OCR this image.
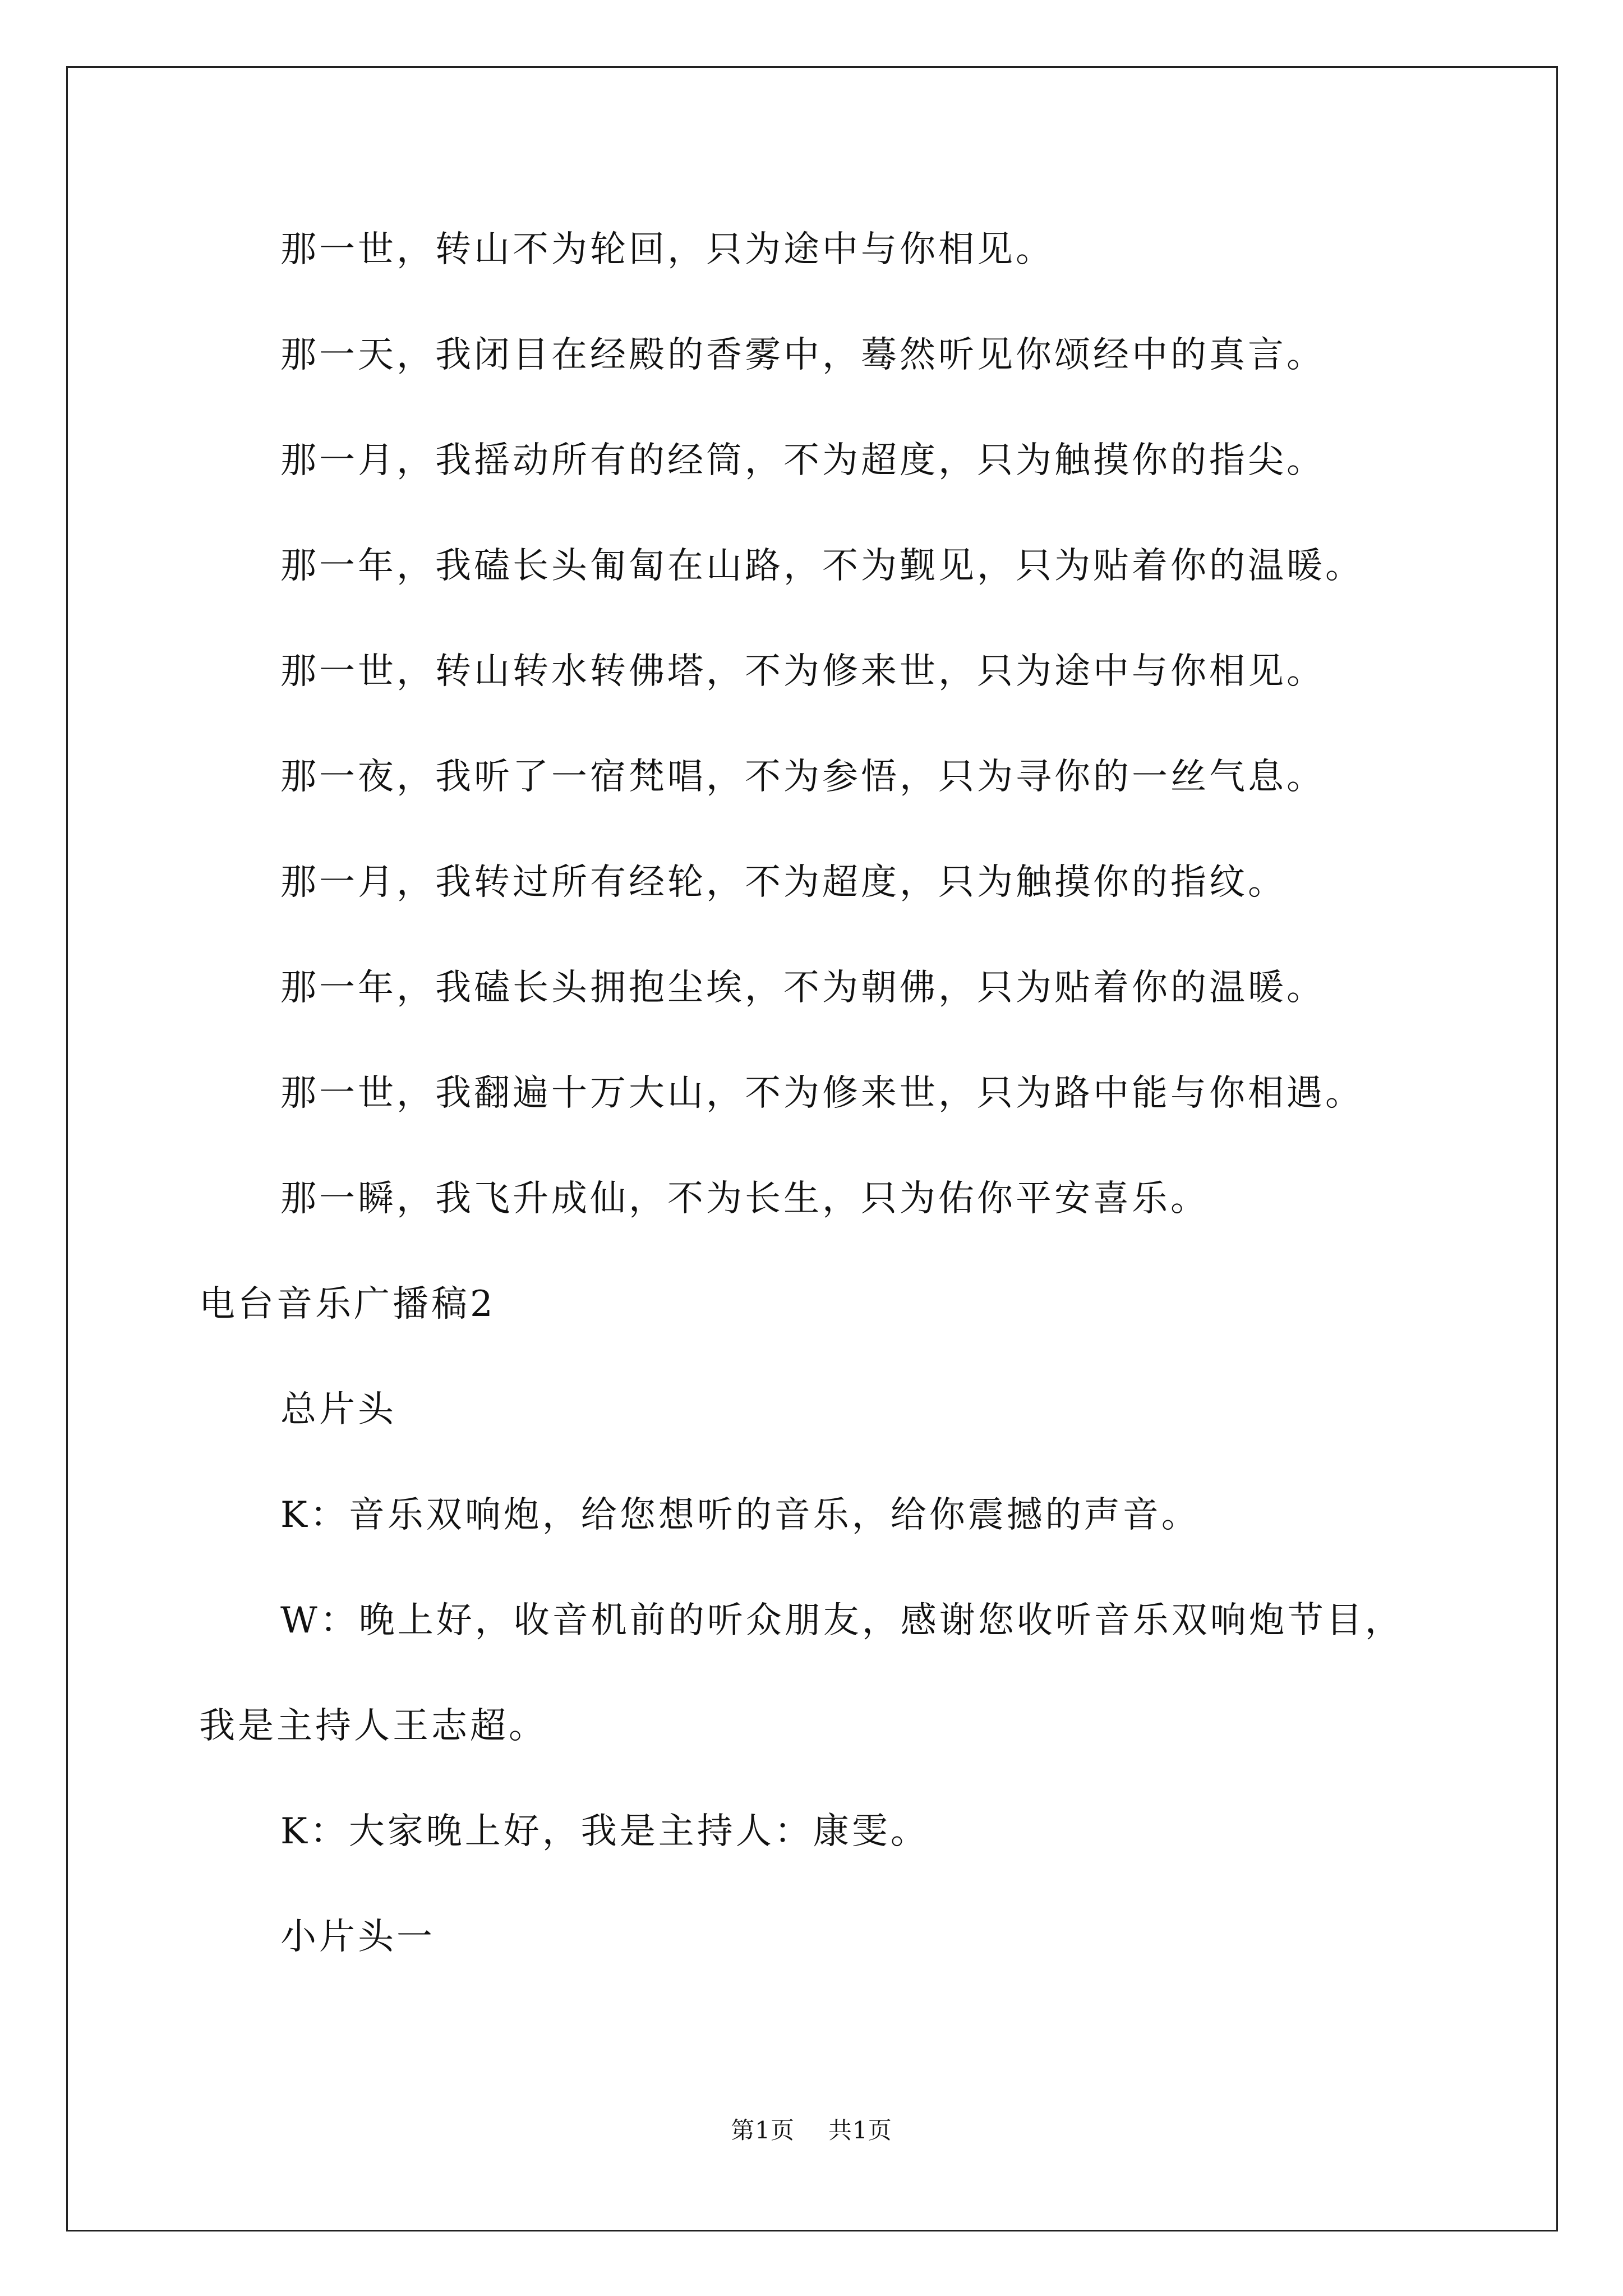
那一世，转山不为轮回，只为途中与你相见。
那一天，我闭目在经殿的香雾中，蓦然听见你颂经中的真言。
那一月，我摇动所有的经筒，不为超度，只为触摸你的指尖。
那一年，我磕长头匍匐在山路，不为觐见，只为贴着你的温暖。
那一世，转山转水转佛塔，不为修来世，只为途中与你相见。
那一夜，我听了一宿梵唱，不为参悟，只为寻你的一丝气息。
那一月，我转过所有经轮，不为超度，只为触摸你的指纹。
那一年，我磕长头拥抱尘埃，不为朝佛，只为贴着你的温暖。
那一世，我翻遍十万大山，不为修来世，只为路中能与你相遇。
那一瞬，我飞升成仙，不为长生，只为佑你平安喜乐。
电台音乐广播稿2
总片头
K：音乐双响炮，给您想听的音乐，给你震撼的声音。
W：晚上好，收音机前的听众朋友，感谢您收听音乐双响炮节目，
我是主持人王志超。
K：大家晚上好，我是主持人：康雯。
小片头一
第1页 共1页
